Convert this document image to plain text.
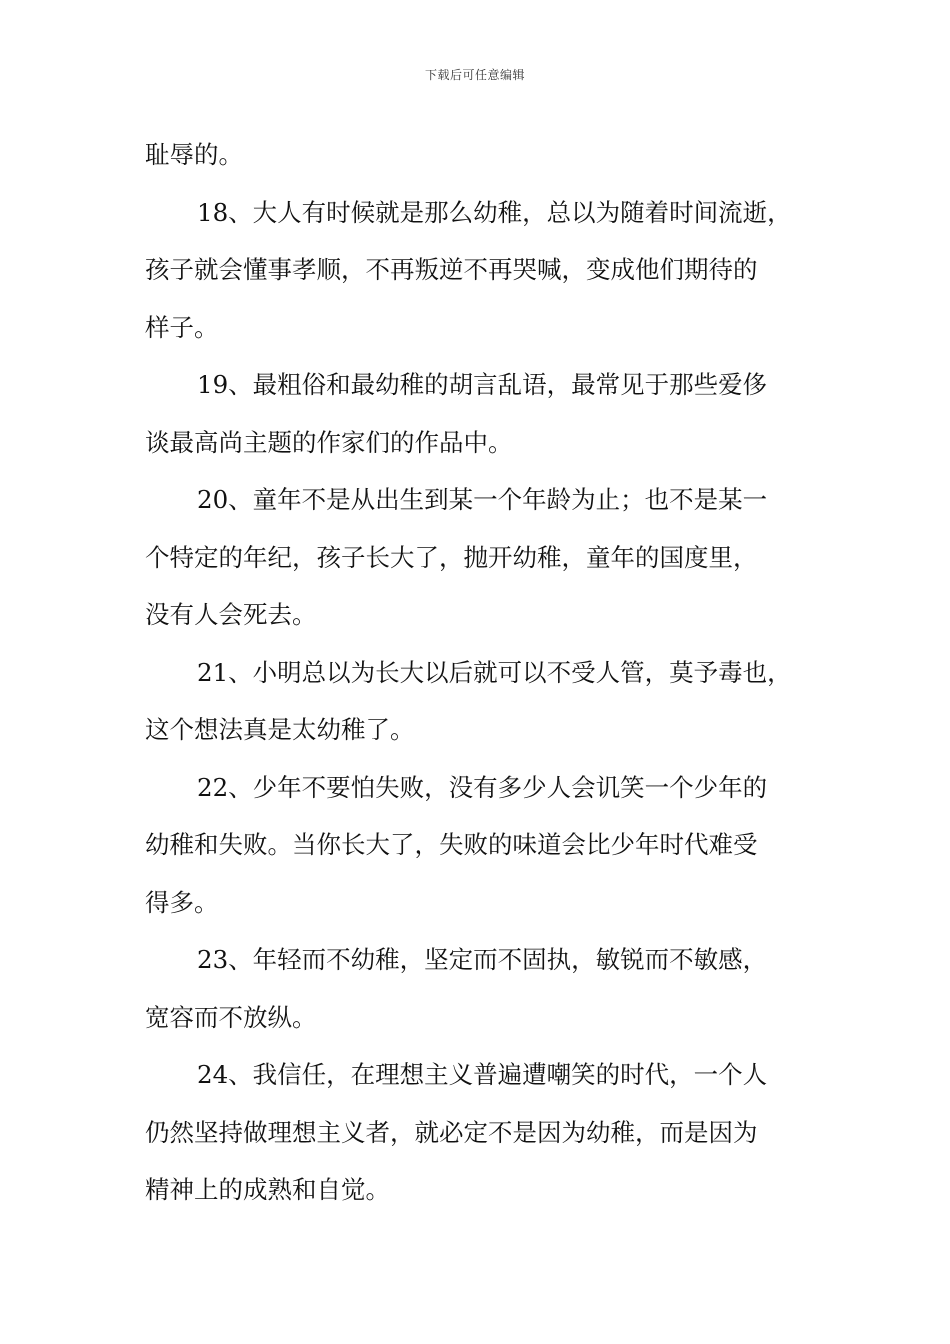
下载后可任意编辑
耻辱的。
18、大人有时候就是那么幼稚，总以为随着时间流逝，
孩子就会懂事孝顺，不再叛逆不再哭喊，变成他们期待的
样子。
19、最粗俗和最幼稚的胡言乱语，最常见于那些爱侈
谈最高尚主题的作家们的作品中。
20、童年不是从出生到某一个年龄为止；也不是某一
个特定的年纪，孩子长大了，抛开幼稚，童年的国度里，
没有人会死去。
21、小明总以为长大以后就可以不受人管，莫予毒也，
这个想法真是太幼稚了。
22、少年不要怕失败，没有多少人会讥笑一个少年的
幼稚和失败。当你长大了，失败的味道会比少年时代难受
得多。
23、年轻而不幼稚，坚定而不固执，敏锐而不敏感，
宽容而不放纵。
24、我信任，在理想主义普遍遭嘲笑的时代，一个人
仍然坚持做理想主义者，就必定不是因为幼稚，而是因为
精神上的成熟和自觉。
